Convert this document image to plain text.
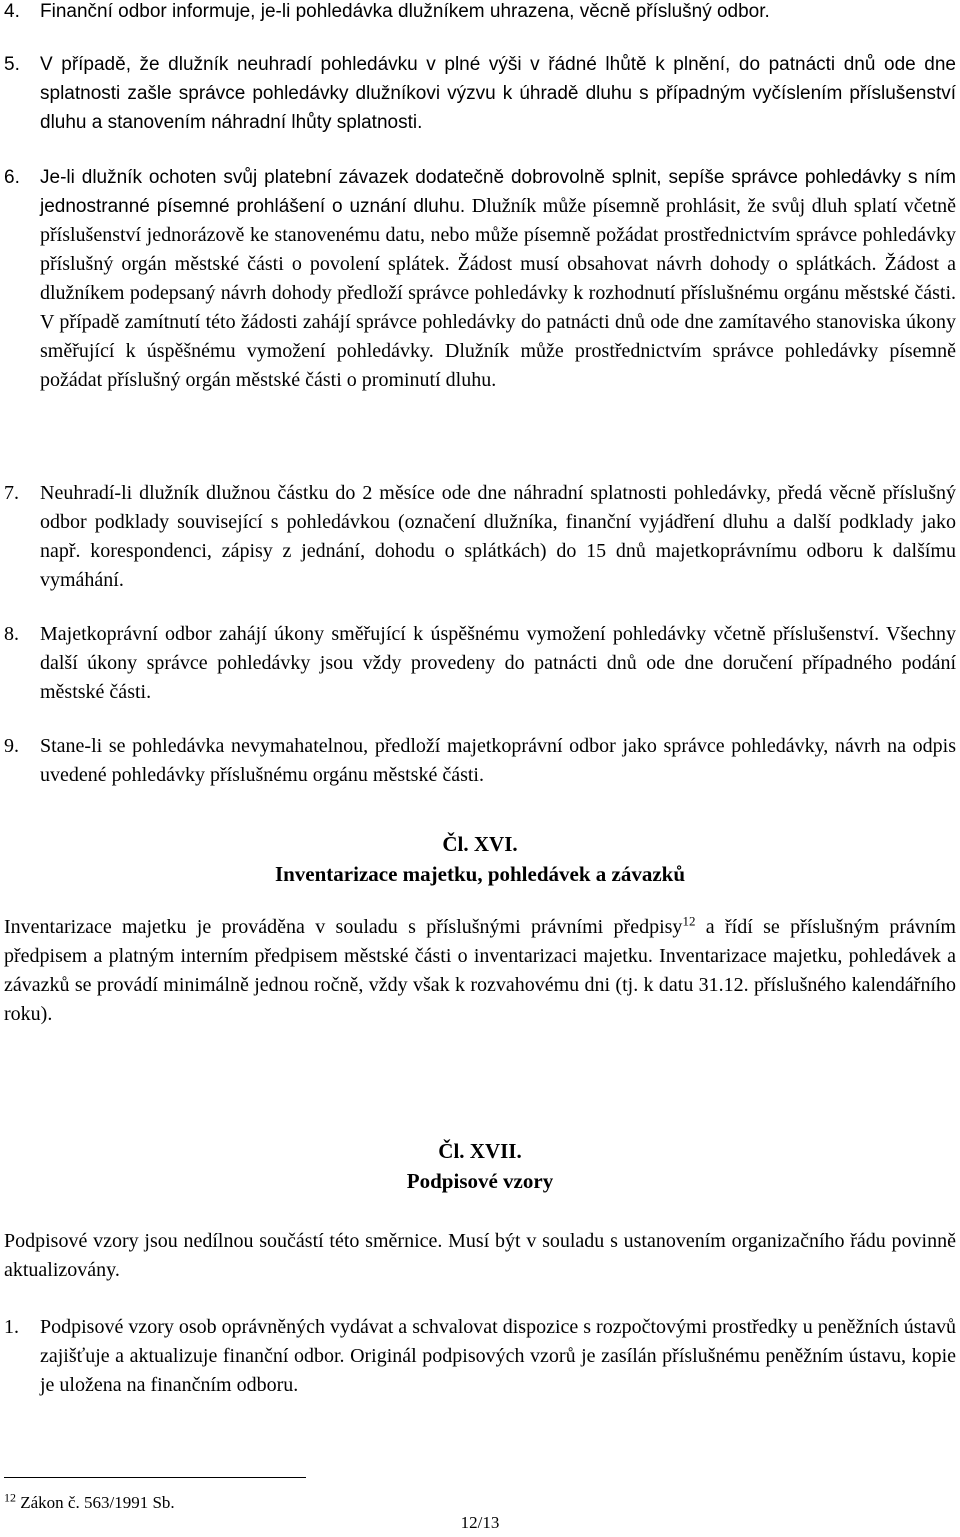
4. Finanční odbor informuje, je-li pohledávka dlužníkem uhrazena, věcně příslušný odbor.
5. V případě, že dlužník neuhradí pohledávku v plné výši v řádné lhůtě k plnění, do patnácti dnů ode dne splatnosti zašle správce pohledávky dlužníkovi výzvu k úhradě dluhu s případným vyčíslením příslušenství dluhu a stanovením náhradní lhůty splatnosti.
6. Je-li dlužník ochoten svůj platební závazek dodatečně dobrovolně splnit, sepíše správce pohledávky s ním jednostranné písemné prohlášení o uznání dluhu. Dlužník může písemně prohlásit, že svůj dluh splatí včetně příslušenství jednorázově ke stanovenému datu, nebo může písemně požádat prostřednictvím správce pohledávky příslušný orgán městské části o povolení splátek. Žádost musí obsahovat návrh dohody o splátkách. Žádost a dlužníkem podepsaný návrh dohody předloží správce pohledávky k rozhodnutí příslušnému orgánu městské části. V případě zamítnutí této žádosti zahájí správce pohledávky do patnácti dnů ode dne zamítavého stanoviska úkony směřující k úspěšnému vymožení pohledávky. Dlužník může prostřednictvím správce pohledávky písemně požádat příslušný orgán městské části o prominutí dluhu.
7. Neuhradí-li dlužník dlužnou částku do 2 měsíce ode dne náhradní splatnosti pohledávky, předá věcně příslušný odbor podklady související s pohledávkou (označení dlužníka, finanční vyjádření dluhu a další podklady jako např. korespondenci, zápisy z jednání, dohodu o splátkách) do 15 dnů majetkoprávnímu odboru k dalšímu vymáhání.
8. Majetkoprávní odbor zahájí úkony směřující k úspěšnému vymožení pohledávky včetně příslušenství. Všechny další úkony správce pohledávky jsou vždy provedeny do patnácti dnů ode dne doručení případného podání městské části.
9. Stane-li se pohledávka nevymahatelnou, předloží majetkoprávní odbor jako správce pohledávky, návrh na odpis uvedené pohledávky příslušnému orgánu městské části.

Čl. XVI.

Inventarizace majetku, pohledávek a závazků

Inventarizace majetku je prováděna v souladu s příslušnými právními předpisy$^{12}$ a řídí se příslušným právním předpisem a platným interním předpisem městské části o inventarizaci majetku. Inventarizace majetku, pohledávek a závazků se provádí minimálně jednou ročně, vždy však k rozvahovému dni (tj. k datu 31.12. příslušného kalendářního roku).

Čl. XVII.

Podpisové vzory

Podpisové vzory jsou nedílnou součástí této směrnice. Musí být v souladu s ustanovením organizačního řádu povinně aktualizovány.

1. Podpisové vzory osob oprávněných vydávat a schvalovat dispozice s rozpočtovými prostředky u peněžních ústavů zajišťuje a aktualizuje finanční odbor. Originál podpisových vzorů je zasílán příslušnému peněžním ústavu, kopie je uložena na finančním odboru.

$^{12}$ Zákon č. 563/1991 Sb.

12/13
